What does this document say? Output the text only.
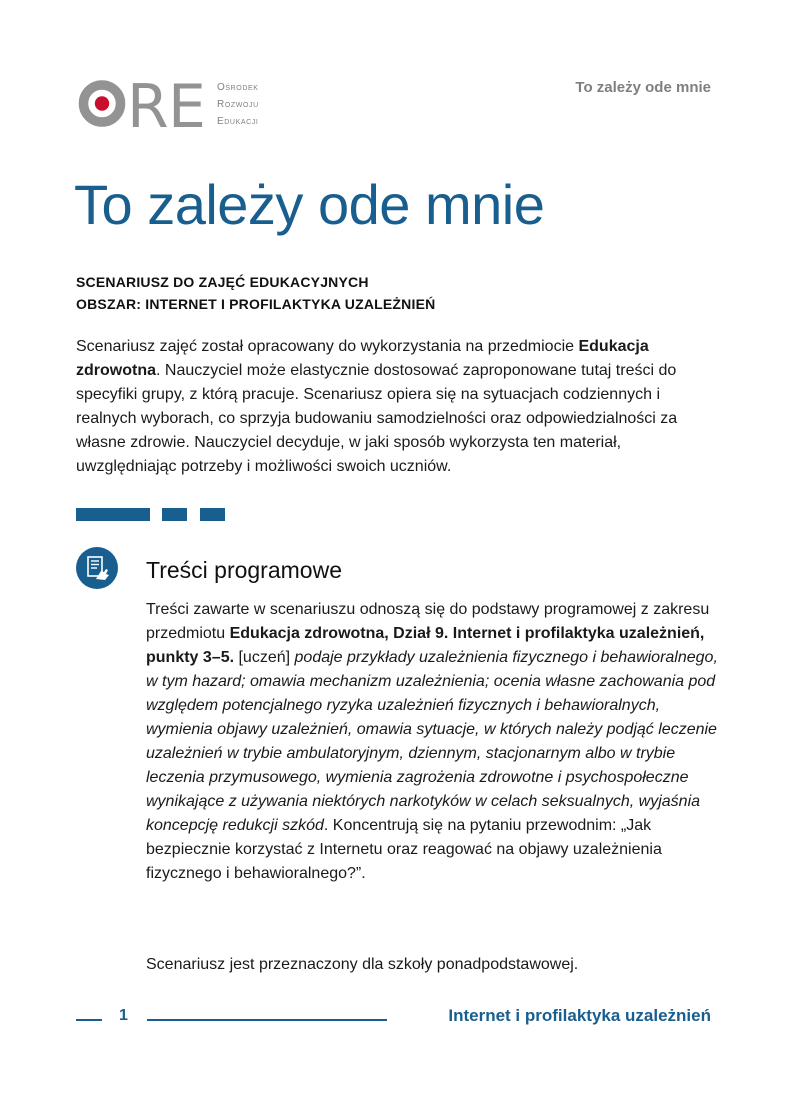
R E Ośrodek
Rozwoju
Edukacji
To zależy ode mnie
To zależy ode mnie
SCENARIUSZ DO ZAJĘĆ EDUKACYJNYCH
OBSZAR: INTERNET I PROFILAKTYKA UZALEŻNIEŃ

Scenariusz zajęć został opracowany do wykorzystania na przedmiocie Edukacja zdrowotna. Nauczyciel może elastycznie dostosować zaproponowane tutaj treści do specyfiki grupy, z którą pracuje. Scenariusz opiera się na sytuacjach codziennych i realnych wyborach, co sprzyja budowaniu samodzielności oraz odpowiedzialności za własne zdrowie. Nauczyciel decyduje, w jaki sposób wykorzysta ten materiał, uwzględniając potrzeby i możliwości swoich uczniów.

Treści programowe

Treści zawarte w scenariuszu odnoszą się do podstawy programowej z zakresu przedmiotu Edukacja zdrowotna, Dział 9. Internet i profilaktyka uzależnień, punkty 3–5. [uczeń] podaje przykłady uzależnienia fizycznego i behawioralnego, w tym hazard; omawia mechanizm uzależnienia; ocenia własne zachowania pod względem potencjalnego ryzyka uzależnień fizycznych i behawioralnych, wymienia objawy uzależnień, omawia sytuacje, w których należy podjąć leczenie uzależnień w trybie ambulatoryjnym, dziennym, stacjonarnym albo w trybie leczenia przymusowego, wymienia zagrożenia zdrowotne i psychospołeczne wynikające z używania niektórych narkotyków w celach seksualnych, wyjaśnia koncepcję redukcji szkód. Koncentrują się na pytaniu przewodnim: „Jak bezpiecznie korzystać z Internetu oraz reagować na objawy uzależnienia fizycznego i behawioralnego?”.

Scenariusz jest przeznaczony dla szkoły ponadpodstawowej.

1	Internet i profilaktyka uzależnień
